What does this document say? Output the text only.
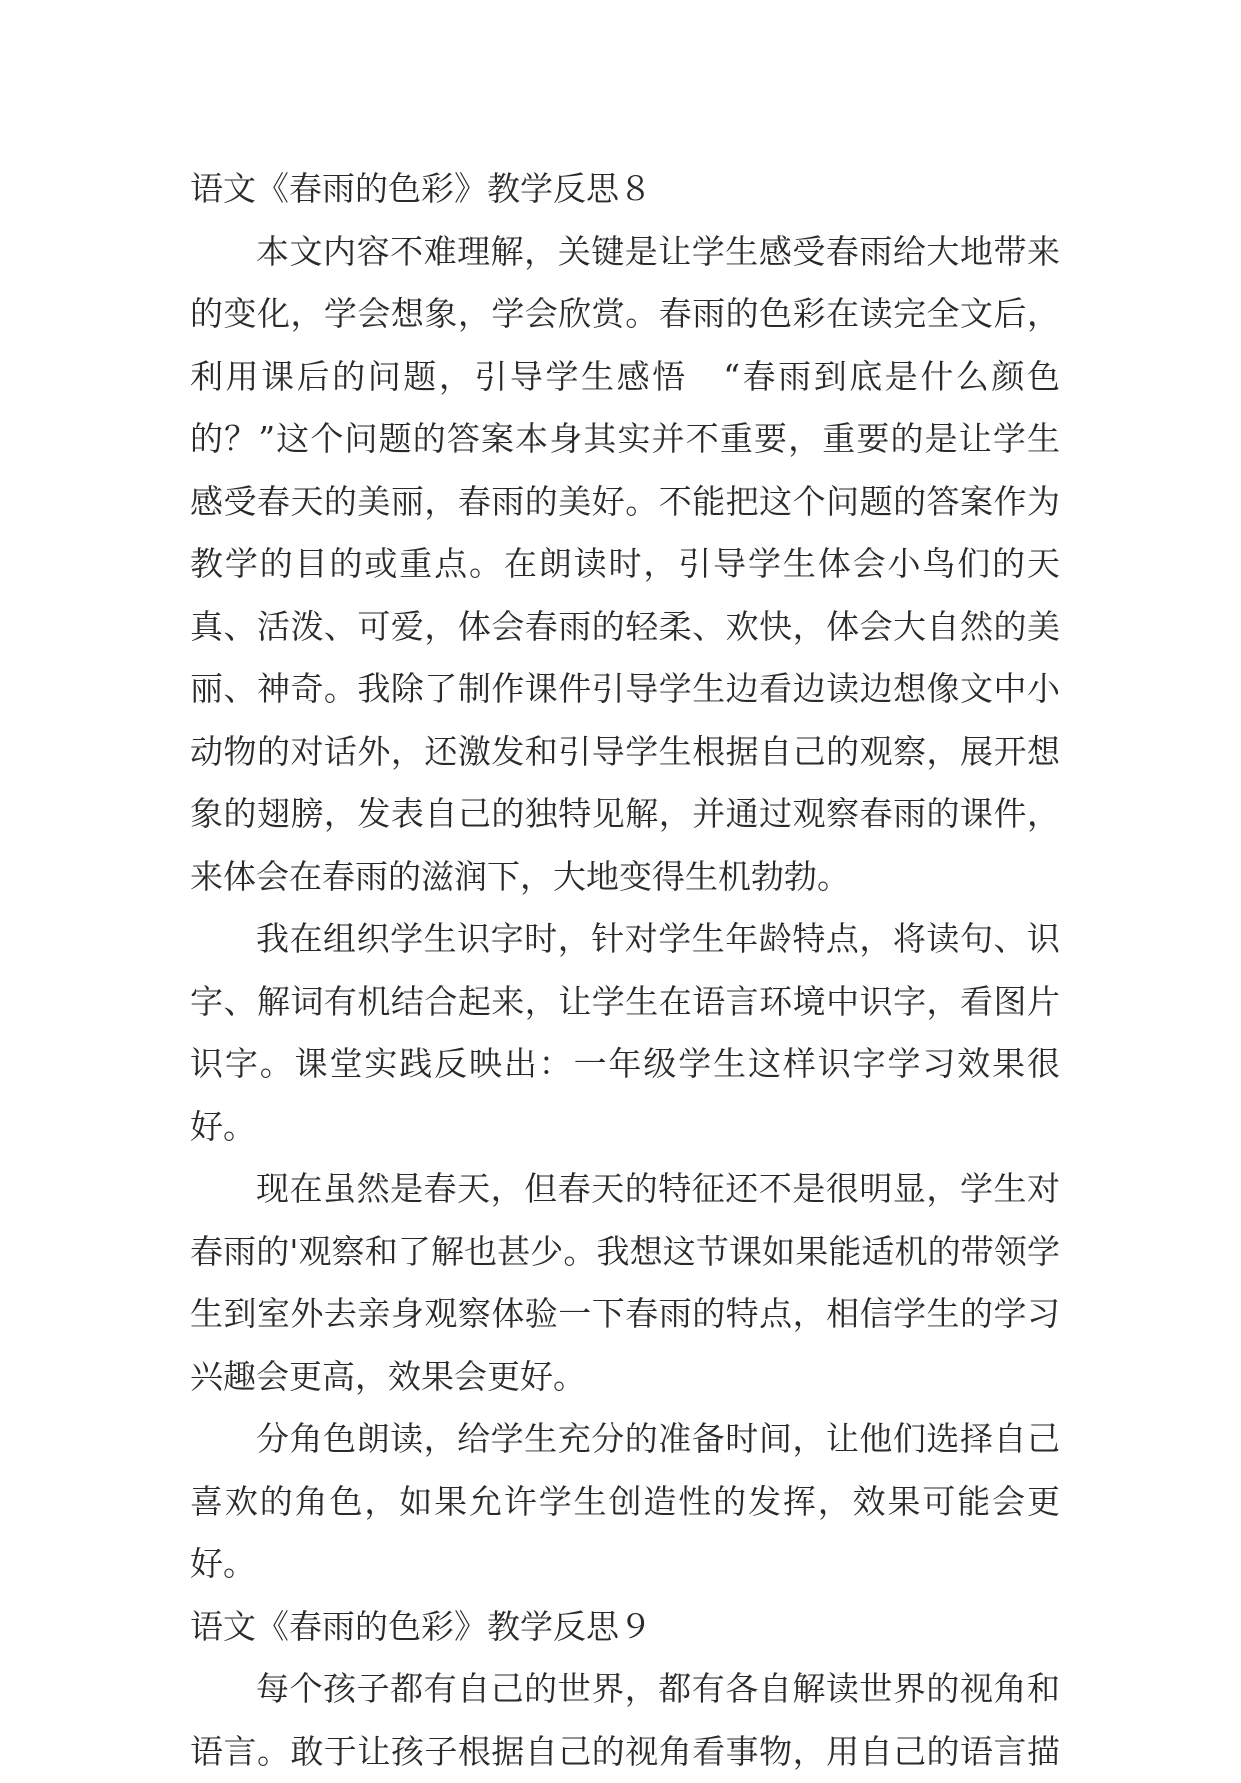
语文《春雨的色彩》教学反思８
本文内容不难理解，关键是让学生感受春雨给大地带来的变化，学会想象，学会欣赏。春雨的色彩在读完全文后，利用课后的问题，引导学生感悟　“春雨到底是什么颜色的？”这个问题的答案本身其实并不重要，重要的是让学生感受春天的美丽，春雨的美好。不能把这个问题的答案作为教学的目的或重点。在朗读时，引导学生体会小鸟们的天真、活泼、可爱，体会春雨的轻柔、欢快，体会大自然的美丽、神奇。我除了制作课件引导学生边看边读边想像文中小动物的对话外，还激发和引导学生根据自己的观察，展开想象的翅膀，发表自己的独特见解，并通过观察春雨的课件，来体会在春雨的滋润下，大地变得生机勃勃。
我在组织学生识字时，针对学生年龄特点，将读句、识字、解词有机结合起来，让学生在语言环境中识字，看图片识字。课堂实践反映出：一年级学生这样识字学习效果很好。
现在虽然是春天，但春天的特征还不是很明显，学生对春雨的'观察和了解也甚少。我想这节课如果能适机的带领学生到室外去亲身观察体验一下春雨的特点，相信学生的学习兴趣会更高，效果会更好。
分角色朗读，给学生充分的准备时间，让他们选择自己喜欢的角色，如果允许学生创造性的发挥，效果可能会更好。
语文《春雨的色彩》教学反思９
每个孩子都有自己的世界，都有各自解读世界的视角和语言。敢于让孩子根据自己的视角看事物，用自己的语言描
